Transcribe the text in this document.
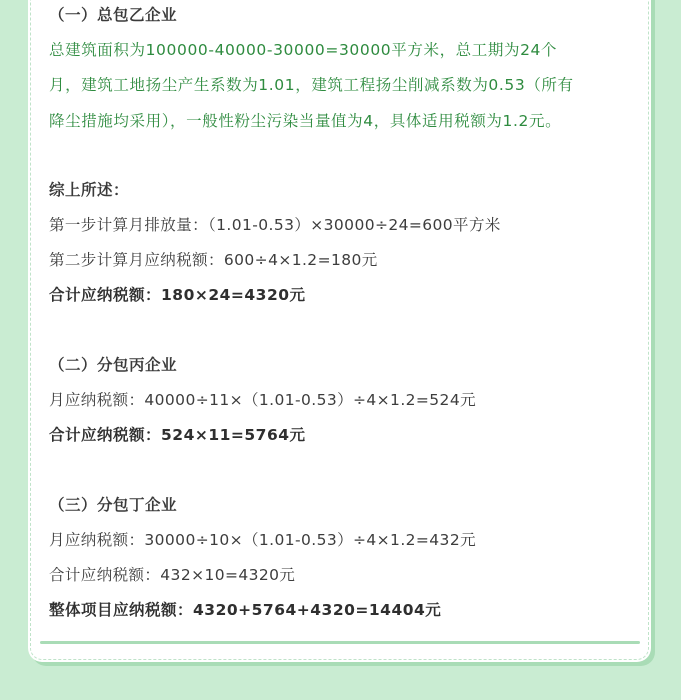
（一）总包乙企业
总建筑面积为100000-40000-30000=30000平方米，总工期为24个
月，建筑工地扬尘产生系数为1.01，建筑工程扬尘削减系数为0.53（所有
降尘措施均采用），一般性粉尘污染当量值为4，具体适用税额为1.2元。
综上所述：
第一步计算月排放量：（1.01-0.53）×30000÷24=600平方米
第二步计算月应纳税额：600÷4×1.2=180元
合计应纳税额：180×24=4320元
（二）分包丙企业
月应纳税额：40000÷11×（1.01-0.53）÷4×1.2=524元
合计应纳税额：524×11=5764元
（三）分包丁企业
月应纳税额：30000÷10×（1.01-0.53）÷4×1.2=432元
合计应纳税额：432×10=4320元
整体项目应纳税额：4320+5764+4320=14404元
